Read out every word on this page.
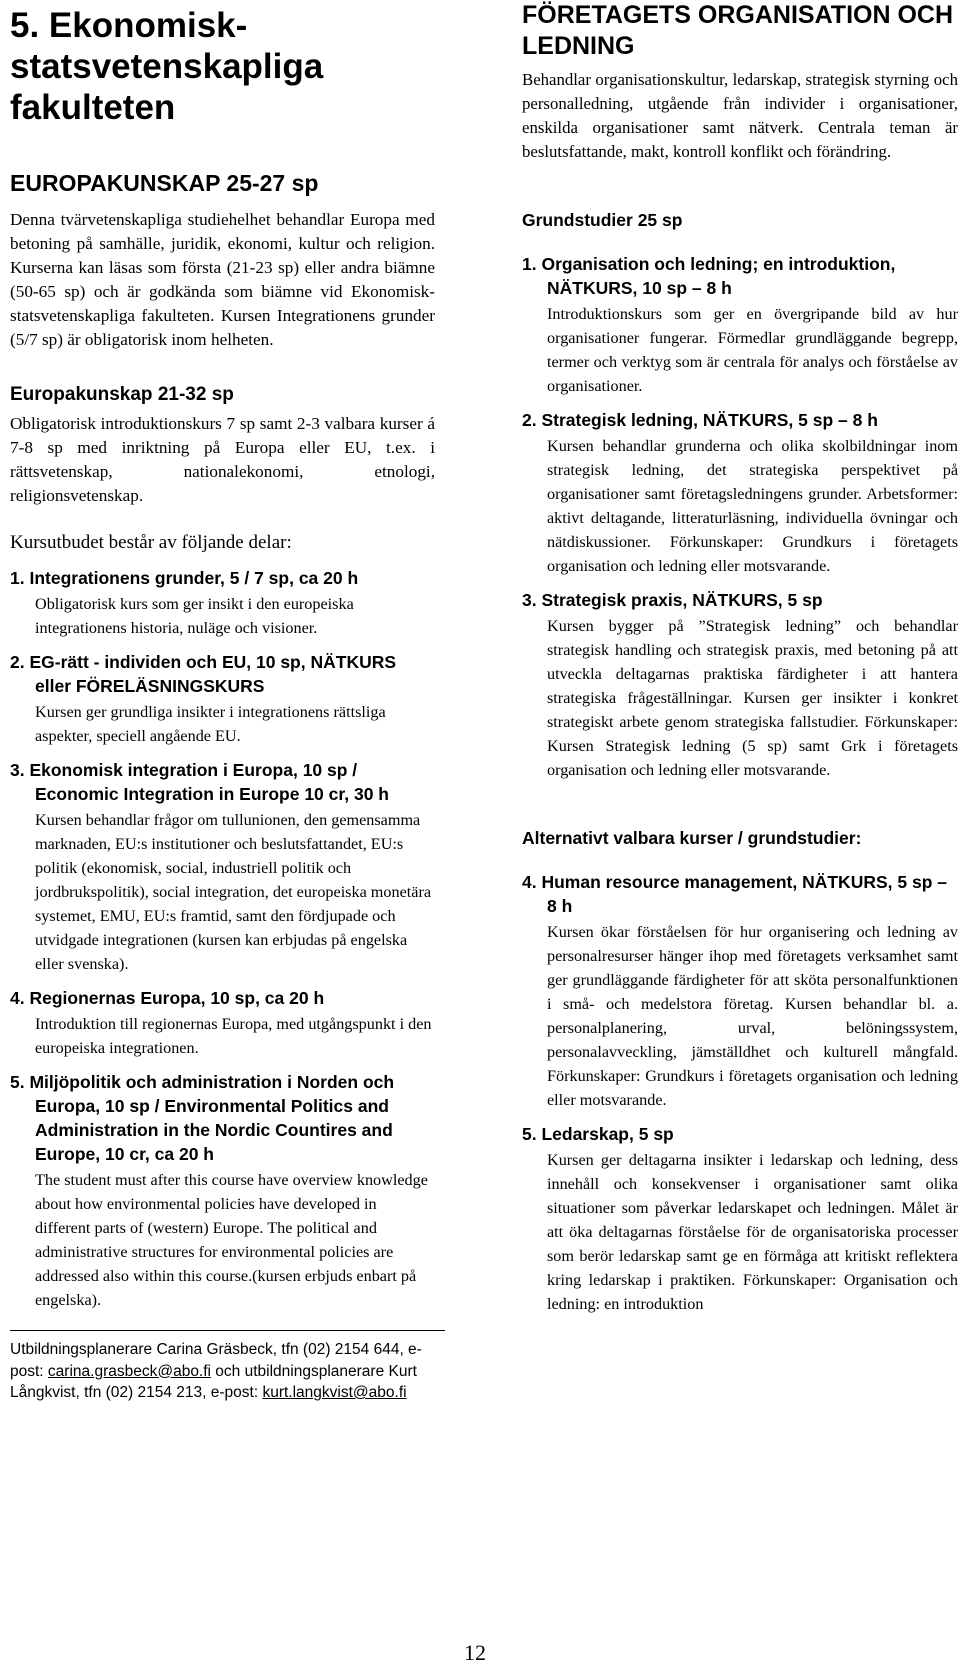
5. Ekonomisk-statsvetenskapliga fakulteten
EUROPAKUNSKAP 25-27 sp

Denna tvärvetenskapliga studiehelhet behandlar Europa med betoning på samhälle, juridik, ekonomi, kultur och religion. Kurserna kan läsas som första (21-23 sp) eller andra biämne (50-65 sp) och är godkända som biämne vid Ekonomisk-statsvetenskapliga fakulteten. Kursen Integrationens grunder (5/7 sp) är obligatorisk inom helheten.

Europakunskap 21-32 sp

Obligatorisk introduktionskurs 7 sp samt 2-3 valbara kurser á 7-8 sp med inriktning på Europa eller EU, t.ex. i rättsvetenskap, nationalekonomi, etnologi, religionsvetenskap.

Kursutbudet består av följande delar:

1. Integrationens grunder, 5 / 7 sp, ca 20 h

Obligatorisk kurs som ger insikt i den europeiska integrationens historia, nuläge och visioner.

2. EG-rätt - individen och EU, 10 sp, NÄTKURS eller FÖRELÄSNINGSKURS

Kursen ger grundliga insikter i integrationens rättsliga aspekter, speciell angående EU.

3. Ekonomisk integration i Europa, 10 sp / Economic Integration in Europe 10 cr, 30 h

Kursen behandlar frågor om tullunionen, den gemensamma marknaden, EU:s institutioner och beslutsfattandet, EU:s politik (ekonomisk, social, industriell politik och jordbrukspolitik), social integration, det europeiska monetära systemet, EMU, EU:s framtid, samt den fördjupade och utvidgade integrationen (kursen kan erbjudas på engelska eller svenska).

4. Regionernas Europa, 10 sp, ca 20 h

Introduktion till regionernas Europa, med utgångspunkt i den europeiska integrationen.

5. Miljöpolitik och administration i Norden och Europa, 10 sp / Environmental Politics and Administration in the Nordic Countires and Europe, 10 cr, ca 20 h

The student must after this course have overview knowledge about how environmental policies have developed in different parts of (western) Europe. The political and administrative structures for environmental policies are addressed also within this course.(kursen erbjuds enbart på engelska).

Utbildningsplanerare Carina Gräsbeck, tfn (02) 2154 644, e-post: carina.grasbeck@abo.fi och utbildningsplanerare Kurt Långkvist, tfn (02) 2154 213, e-post: kurt.langkvist@abo.fi

FÖRETAGETS ORGANISATION OCH LEDNING

Behandlar organisationskultur, ledarskap, strategisk styrning och personalledning, utgående från individer i organisationer, enskilda organisationer samt nätverk. Centrala teman är beslutsfattande, makt, kontroll konflikt och förändring.

Grundstudier 25 sp

1. Organisation och ledning; en introduktion, NÄTKURS, 10 sp – 8 h

Introduktionskurs som ger en övergripande bild av hur organisationer fungerar. Förmedlar grundläggande begrepp, termer och verktyg som är centrala för analys och förståelse av organisationer.

2. Strategisk ledning, NÄTKURS, 5 sp – 8 h

Kursen behandlar grunderna och olika skolbildningar inom strategisk ledning, det strategiska perspektivet på organisationer samt företagsledningens grunder. Arbetsformer: aktivt deltagande, litteraturläsning, individuella övningar och nätdiskussioner. Förkunskaper: Grundkurs i företagets organisation och ledning eller motsvarande.

3. Strategisk praxis, NÄTKURS, 5 sp

Kursen bygger på ”Strategisk ledning” och behandlar strategisk handling och strategisk praxis, med betoning på att utveckla deltagarnas praktiska färdigheter i att hantera strategiska frågeställningar. Kursen ger insikter i konkret strategiskt arbete genom strategiska fallstudier. Förkunskaper: Kursen Strategisk ledning (5 sp) samt Grk i företagets organisation och ledning eller motsvarande.

Alternativt valbara kurser / grundstudier:

4. Human resource management, NÄTKURS, 5 sp – 8 h

Kursen ökar förståelsen för hur organisering och ledning av personalresurser hänger ihop med företagets verksamhet samt ger grundläggande färdigheter för att sköta personalfunktionen i små- och medelstora företag. Kursen behandlar bl. a. personalplanering, urval, belöningssystem, personalavveckling, jämställdhet och kulturell mångfald. Förkunskaper: Grundkurs i företagets organisation och ledning eller motsvarande.

5. Ledarskap, 5 sp

Kursen ger deltagarna insikter i ledarskap och ledning, dess innehåll och konsekvenser i organisationer samt olika situationer som påverkar ledarskapet och ledningen. Målet är att öka deltagarnas förståelse för de organisatoriska processer som berör ledarskap samt ge en förmåga att kritiskt reflektera kring ledarskap i praktiken. Förkunskaper: Organisation och ledning: en introduktion

12
